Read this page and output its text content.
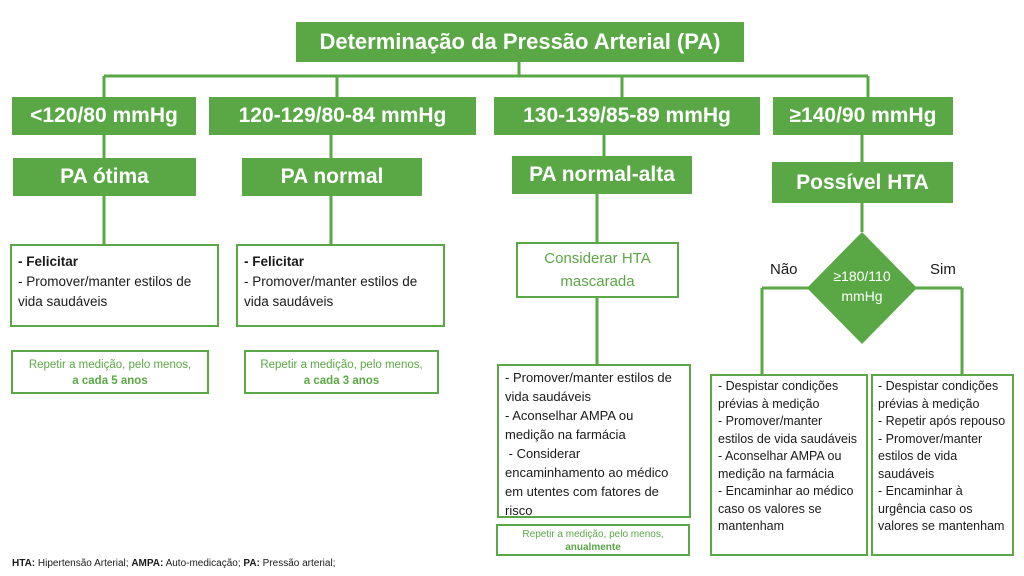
Determinação da Pressão Arterial (PA)
<120/80 mmHg	120-129/80-84 mmHg	130-139/85-89 mmHg	≥140/90 mmHg
PA ótima	PA normal	PA normal-alta	Possível HTA
- Felicitar
- Promover/manter estilos de vida saudáveis
Repetir a medição, pelo menos,
a cada 5 anos
- Felicitar
- Promover/manter estilos de vida saudáveis
Repetir a medição, pelo menos,
a cada 3 anos
Considerar HTA mascarada
- Promover/manter estilos de vida saudáveis
- Aconselhar AMPA ou medição na farmácia
- Considerar encaminhamento ao médico em utentes com fatores de risco
Repetir a medição, pelo menos,
anualmente
≥180/110 mmHg
Não	Sim
- Despistar condições prévias à medição
- Promover/manter estilos de vida saudáveis
- Aconselhar AMPA ou medição na farmácia
- Encaminhar ao médico caso os valores se mantenham
- Despistar condições prévias à medição
- Repetir após repouso
- Promover/manter estilos de vida saudáveis
- Encaminhar à urgência caso os valores se mantenham
HTA: Hipertensão Arterial; AMPA: Auto-medicação; PA: Pressão arterial;
